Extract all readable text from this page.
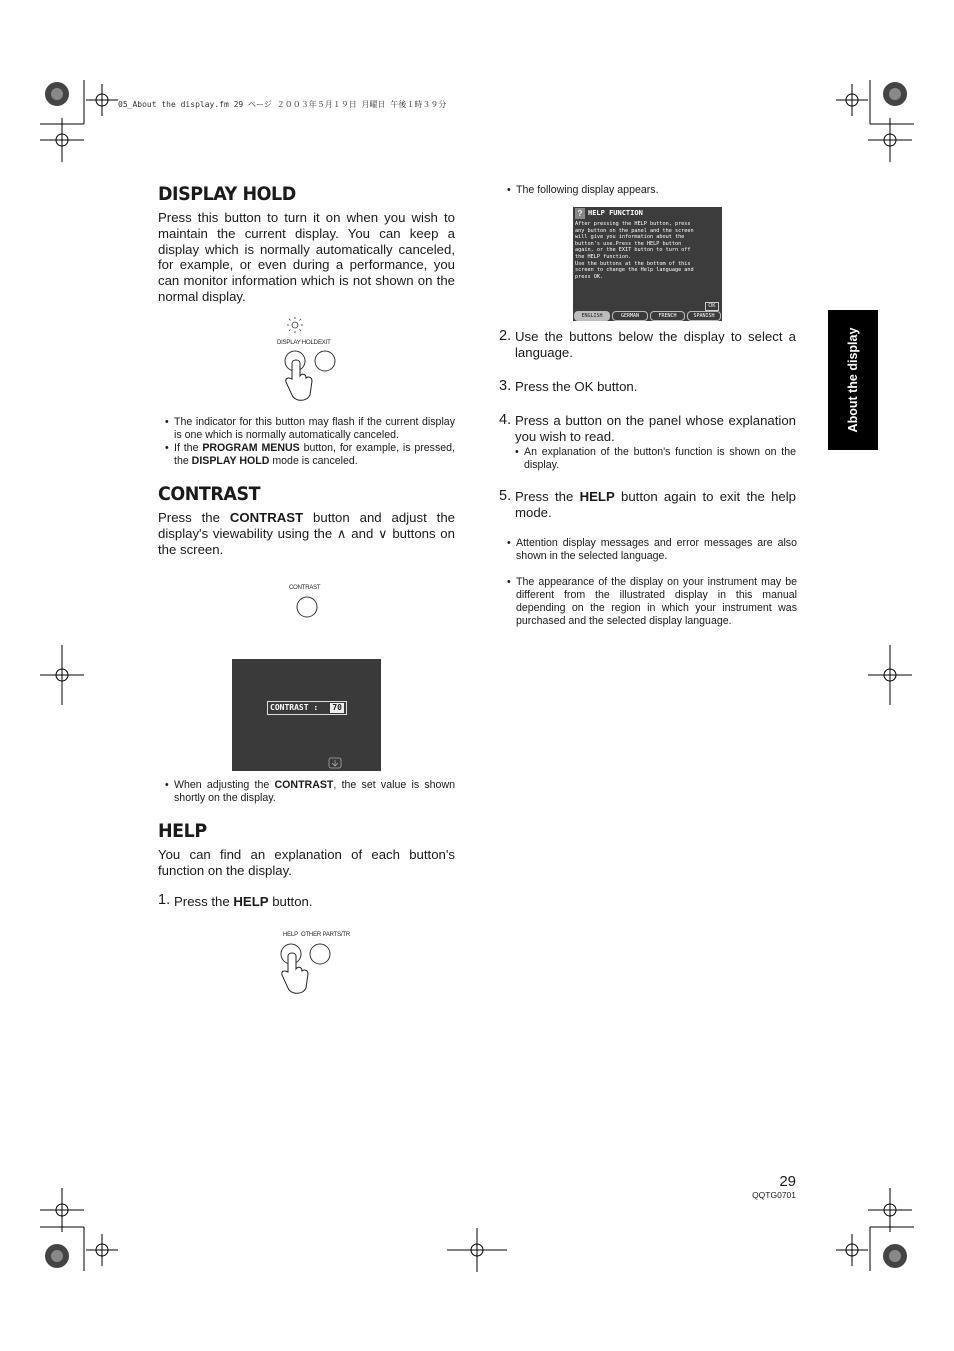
05_About the display.fm 29 ページ ２００３年５月１９日 月曜日 午後１時３９分
About the display
DISPLAY HOLD

Press this button to turn it on when you wish to maintain the current display. You can keep a display which is normally automatically canceled, for example, or even during a performance, you can monitor information which is not shown on the normal display.

DISPLAY HOLD EXIT

• The indicator for this button may flash if the current display is one which is normally automatically canceled.

• If the PROGRAM MENUS button, for example, is pressed, the DISPLAY HOLD mode is canceled.

CONTRAST

Press the CONTRAST button and adjust the display's viewability using the ∧ and ∨ buttons on the screen.

CONTRAST
CONTRAST : 70

• When adjusting the CONTRAST, the set value is shown shortly on the display.

HELP

You can find an explanation of each button's function on the display.

1. Press the HELP button.
HELP OTHER PARTS/TR

• The following display appears.

? HELP FUNCTION
After pressing the HELP button, press
any button on the panel and the screen
will give you information about the
button's use.Press the HELP button
again, or the EXIT button to turn off
the HELP function.
Use the buttons at the bottom of this
screen to change the Help language and
press OK.
OK
ENGLISH	GERMAN	FRENCH	SPANISH
2. Use the buttons below the display to select a language.

3. Press the OK button.

4. Press a button on the panel whose explanation you wish to read.

• An explanation of the button's function is shown on the display.

5. Press the HELP button again to exit the help mode.

• Attention display messages and error messages are also shown in the selected language.

• The appearance of the display on your instrument may be different from the illustrated display in this manual depending on the region in which your instrument was purchased and the selected display language.

29
QQTG0701
